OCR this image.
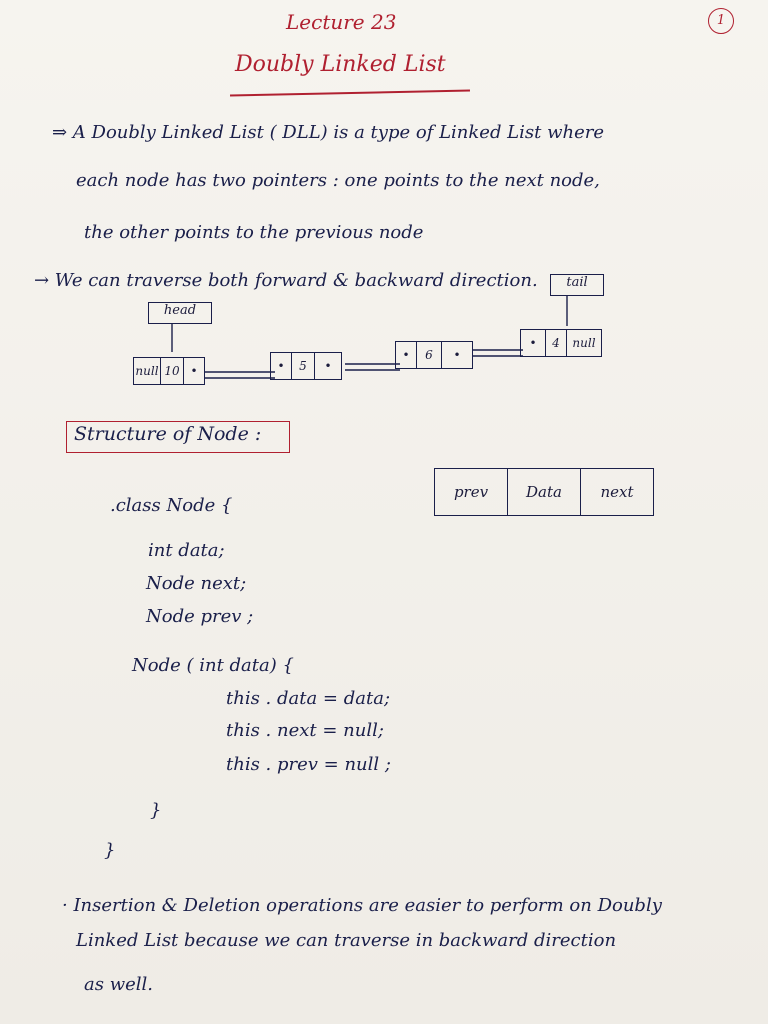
Lecture 23	1
Doubly Linked List
⇒ A Doubly Linked List ( DLL) is a type of Linked List where
each node has two pointers : one points to the next node,
the other points to the previous node
→ We can traverse both forward & backward direction.
head
tail
null 10 •	•	5	•
•	6	•
•	4	null
Structure of Node :
prev	Data	next
.class Node {
int data;
Node next;
Node prev ;
Node ( int data) {
this . data = data;
this . next = null;
this . prev = null ;
}
}
· Insertion & Deletion operations are easier to perform on Doubly
Linked List because we can traverse in backward direction
as well.
